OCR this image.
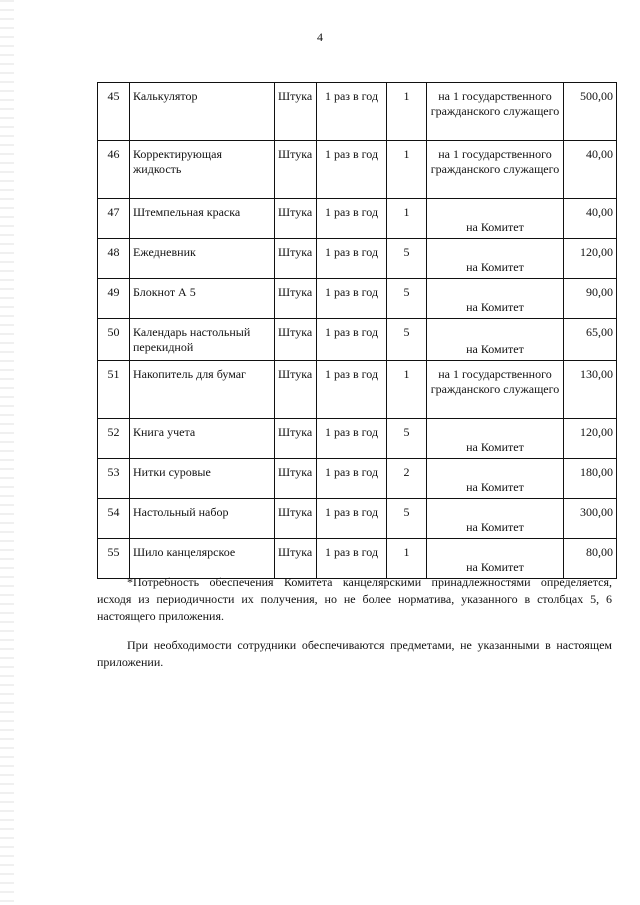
4
45	Калькулятор	Штука	1 раз в год	1	на 1 государственного гражданского служащего	500,00
46	Корректирующая жидкость	Штука	1 раз в год	1	на 1 государственного гражданского служащего	40,00
47	Штемпельная краска	Штука	1 раз в год	1	на Комитет	40,00
48	Ежедневник	Штука	1 раз в год	5	на Комитет	120,00
49	Блокнот А 5	Штука	1 раз в год	5	на Комитет	90,00
50	Календарь настольный перекидной	Штука	1 раз в год	5	на Комитет	65,00
51	Накопитель для бумаг	Штука	1 раз в год	1	на 1 государственного гражданского служащего	130,00
52	Книга учета	Штука	1 раз в год	5	на Комитет	120,00
53	Нитки суровые	Штука	1 раз в год	2	на Комитет	180,00
54	Настольный набор	Штука	1 раз в год	5	на Комитет	300,00
55	Шило канцелярское	Штука	1 раз в год	1	на Комитет	80,00

*Потребность обеспечения Комитета канцелярскими принадлежностями определяется, исходя из периодичности их получения, но не более норматива, указанного в столбцах 5, 6 настоящего приложения.

При необходимости сотрудники обеспечиваются предметами, не указанными в настоящем приложении.
